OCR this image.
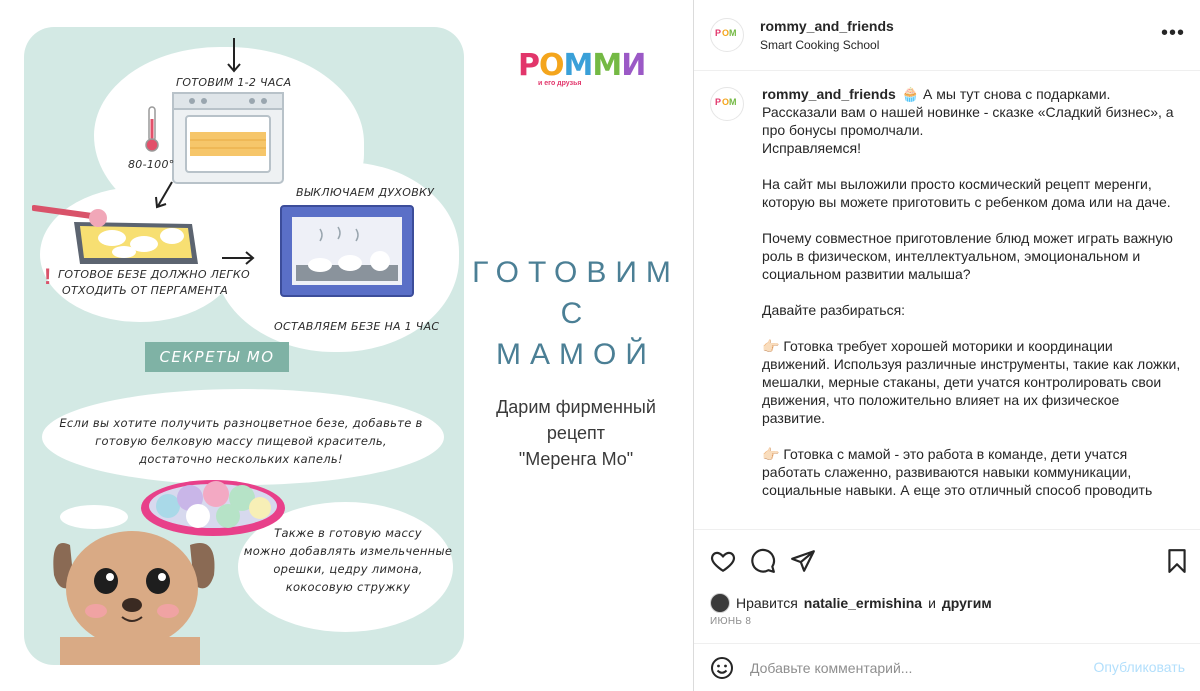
!
ГОТОВИМ 1-2 ЧАСА
80-100°
ВЫКЛЮЧАЕМ ДУХОВКУ
ГОТОВОЕ БЕЗЕ ДОЛЖНО ЛЕГКО
ОТХОДИТЬ ОТ ПЕРГАМЕНТА
ОСТАВЛЯЕМ БЕЗЕ НА 1 ЧАС
СЕКРЕТЫ МО
Если вы хотите получить разноцветное безе, добавьте в
готовую белковую массу пищевой краситель,
достаточно нескольких капель!
Также в готовую массу
можно добавлять измельченные
орешки, цедру лимона,
кокосовую стружку
РОММИ
и его друзья
ГОТОВИМ
С
МАМОЙ
Дарим фирменный
рецепт
"Меренга Мо"
Р О М rommy_and_friends
Smart Cooking School
•••
Р О М rommy_and_friends 🧁 А мы тут снова с подарками. Рассказали вам о нашей новинке - сказке «Сладкий бизнес», а про бонусы промолчали.
Исправляемся!

На сайт мы выложили просто космический рецепт меренги, которую вы можете приготовить с ребенком дома или на даче.

Почему совместное приготовление блюд может играть важную роль в физическом, интеллектуальном, эмоциональном и социальном развитии малыша?

Давайте разбираться:

👉🏻 Готовка требует хорошей моторики и координации движений. Используя различные инструменты, такие как ложки, мешалки, мерные стаканы, дети учатся контролировать свои движения, что положительно влияет на их физическое развитие.

👉🏻 Готовка с мамой - это работа в команде, дети учатся работать слаженно, развиваются навыки коммуникации, социальные навыки. А еще это отличный способ проводить
Нравится natalie_ermishina и другим
ИЮНЬ 8
Добавьте комментарий...
Опубликовать
